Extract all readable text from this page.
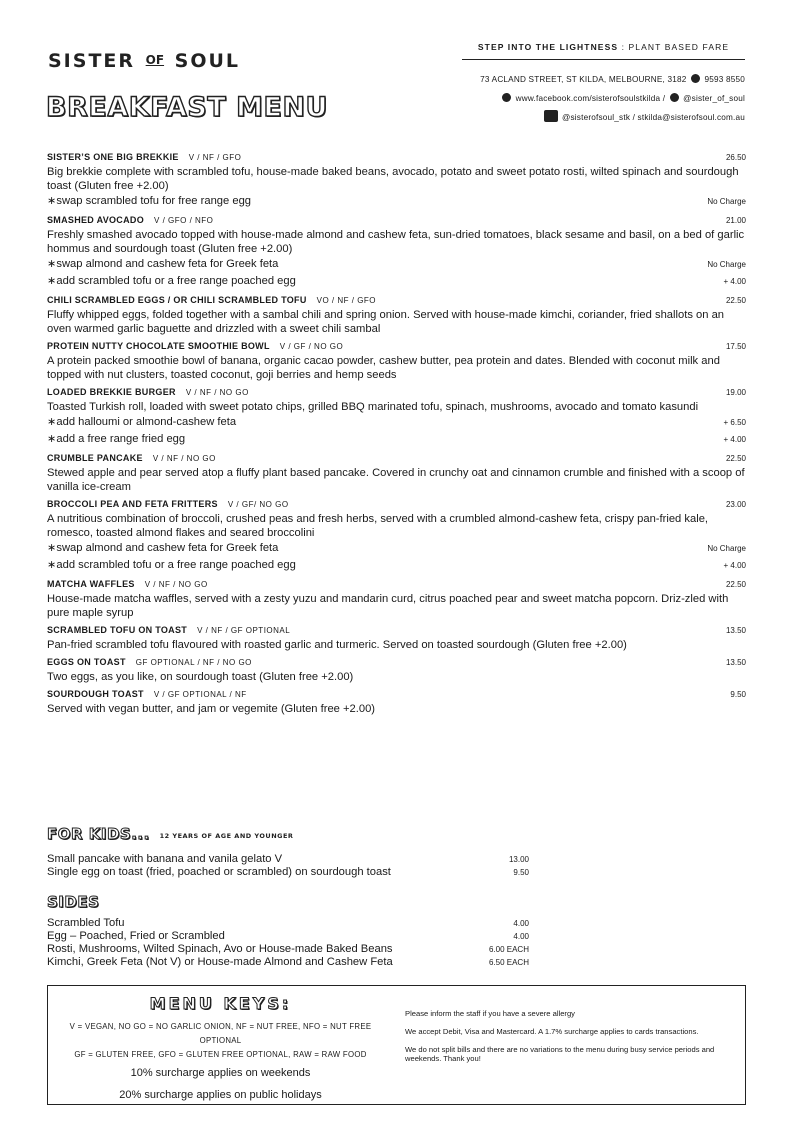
SISTER OF SOUL
BREAKFAST MENU
STEP INTO THE LIGHTNESS : PLANT BASED FARE
73 ACLAND STREET, ST KILDA, MELBOURNE, 3182 9593 8550
www.facebook.com/sisterofsoulstkilda / @sister_of_soul
@sisterofsoul_stk / stkilda@sisterofsoul.com.au
SISTER’S ONE BIG BREKKIE V / NF / GFO	26.50
Big brekkie complete with scrambled tofu, house-made baked beans, avocado, potato and sweet potato rosti, wilted spinach and sourdough toast (Gluten free +2.00)
∗swap scrambled tofu for free range egg	No Charge
SMASHED AVOCADO V / GFO / NFO	21.00
Freshly smashed avocado topped with house-made almond and cashew feta, sun-dried tomatoes, black sesame and basil, on a bed of garlic hommus and sourdough toast (Gluten free +2.00)
∗swap almond and cashew feta for Greek feta	No Charge
∗add scrambled tofu or a free range poached egg	+ 4.00
CHILI SCRAMBLED EGGS / OR CHILI SCRAMBLED TOFU VO / NF / GFO	22.50
Fluffy whipped eggs, folded together with a sambal chili and spring onion. Served with house-made kimchi, coriander, fried shallots on an oven warmed garlic baguette and drizzled with a sweet chili sambal
PROTEIN NUTTY CHOCOLATE SMOOTHIE BOWL V / GF / NO GO	17.50
A protein packed smoothie bowl of banana, organic cacao powder, cashew butter, pea protein and dates. Blended with coconut milk and topped with nut clusters, toasted coconut, goji berries and hemp seeds
LOADED BREKKIE BURGER V / NF / NO GO	19.00
Toasted Turkish roll, loaded with sweet potato chips, grilled BBQ marinated tofu, spinach, mushrooms, avocado and tomato kasundi
∗add halloumi or almond-cashew feta	+ 6.50
∗add a free range fried egg	+ 4.00
CRUMBLE PANCAKE V / NF / NO GO	22.50
Stewed apple and pear served atop a fluffy plant based pancake. Covered in crunchy oat and cinnamon crumble and finished with a scoop of vanilla ice-cream
BROCCOLI PEA AND FETA FRITTERS V / GF/ NO GO	23.00
A nutritious combination of broccoli, crushed peas and fresh herbs, served with a crumbled almond-cashew feta, crispy pan-fried kale, romesco, toasted almond flakes and seared broccolini
∗swap almond and cashew feta for Greek feta	No Charge
∗add scrambled tofu or a free range poached egg	+ 4.00
MATCHA WAFFLES V / NF / NO GO	22.50
House-made matcha waffles, served with a zesty yuzu and mandarin curd, citrus poached pear and sweet matcha popcorn. Driz-zled with pure maple syrup
SCRAMBLED TOFU ON TOAST V / NF / GF OPTIONAL	13.50
Pan-fried scrambled tofu flavoured with roasted garlic and turmeric. Served on toasted sourdough (Gluten free +2.00)
EGGS ON TOAST GF OPTIONAL / NF / NO GO	13.50
Two eggs, as you like, on sourdough toast (Gluten free +2.00)
SOURDOUGH TOAST V / GF OPTIONAL / NF	9.50
Served with vegan butter, and jam or vegemite (Gluten free +2.00)
FOR KIDS... 12 YEARS OF AGE AND YOUNGER
Small pancake with banana and vanila gelato V	13.00
Single egg on toast (fried, poached or scrambled) on sourdough toast	9.50
SIDES
Scrambled Tofu	4.00
Egg – Poached, Fried or Scrambled	4.00
Rosti, Mushrooms, Wilted Spinach, Avo or House-made Baked Beans	6.00 EACH
Kimchi, Greek Feta (Not V) or House-made Almond and Cashew Feta	6.50 EACH
MENU KEYS:
V = VEGAN, NO GO = NO GARLIC ONION, NF = NUT FREE, NFO = NUT FREE OPTIONAL
GF = GLUTEN FREE, GFO = GLUTEN FREE OPTIONAL, RAW = RAW FOOD
10% surcharge applies on weekends
20% surcharge applies on public holidays

Please inform the staff if you have a severe allergy

We accept Debit, Visa and Mastercard. A 1.7% surcharge applies to cards transactions.

We do not split bills and there are no variations to the menu during busy service periods and weekends. Thank you!
